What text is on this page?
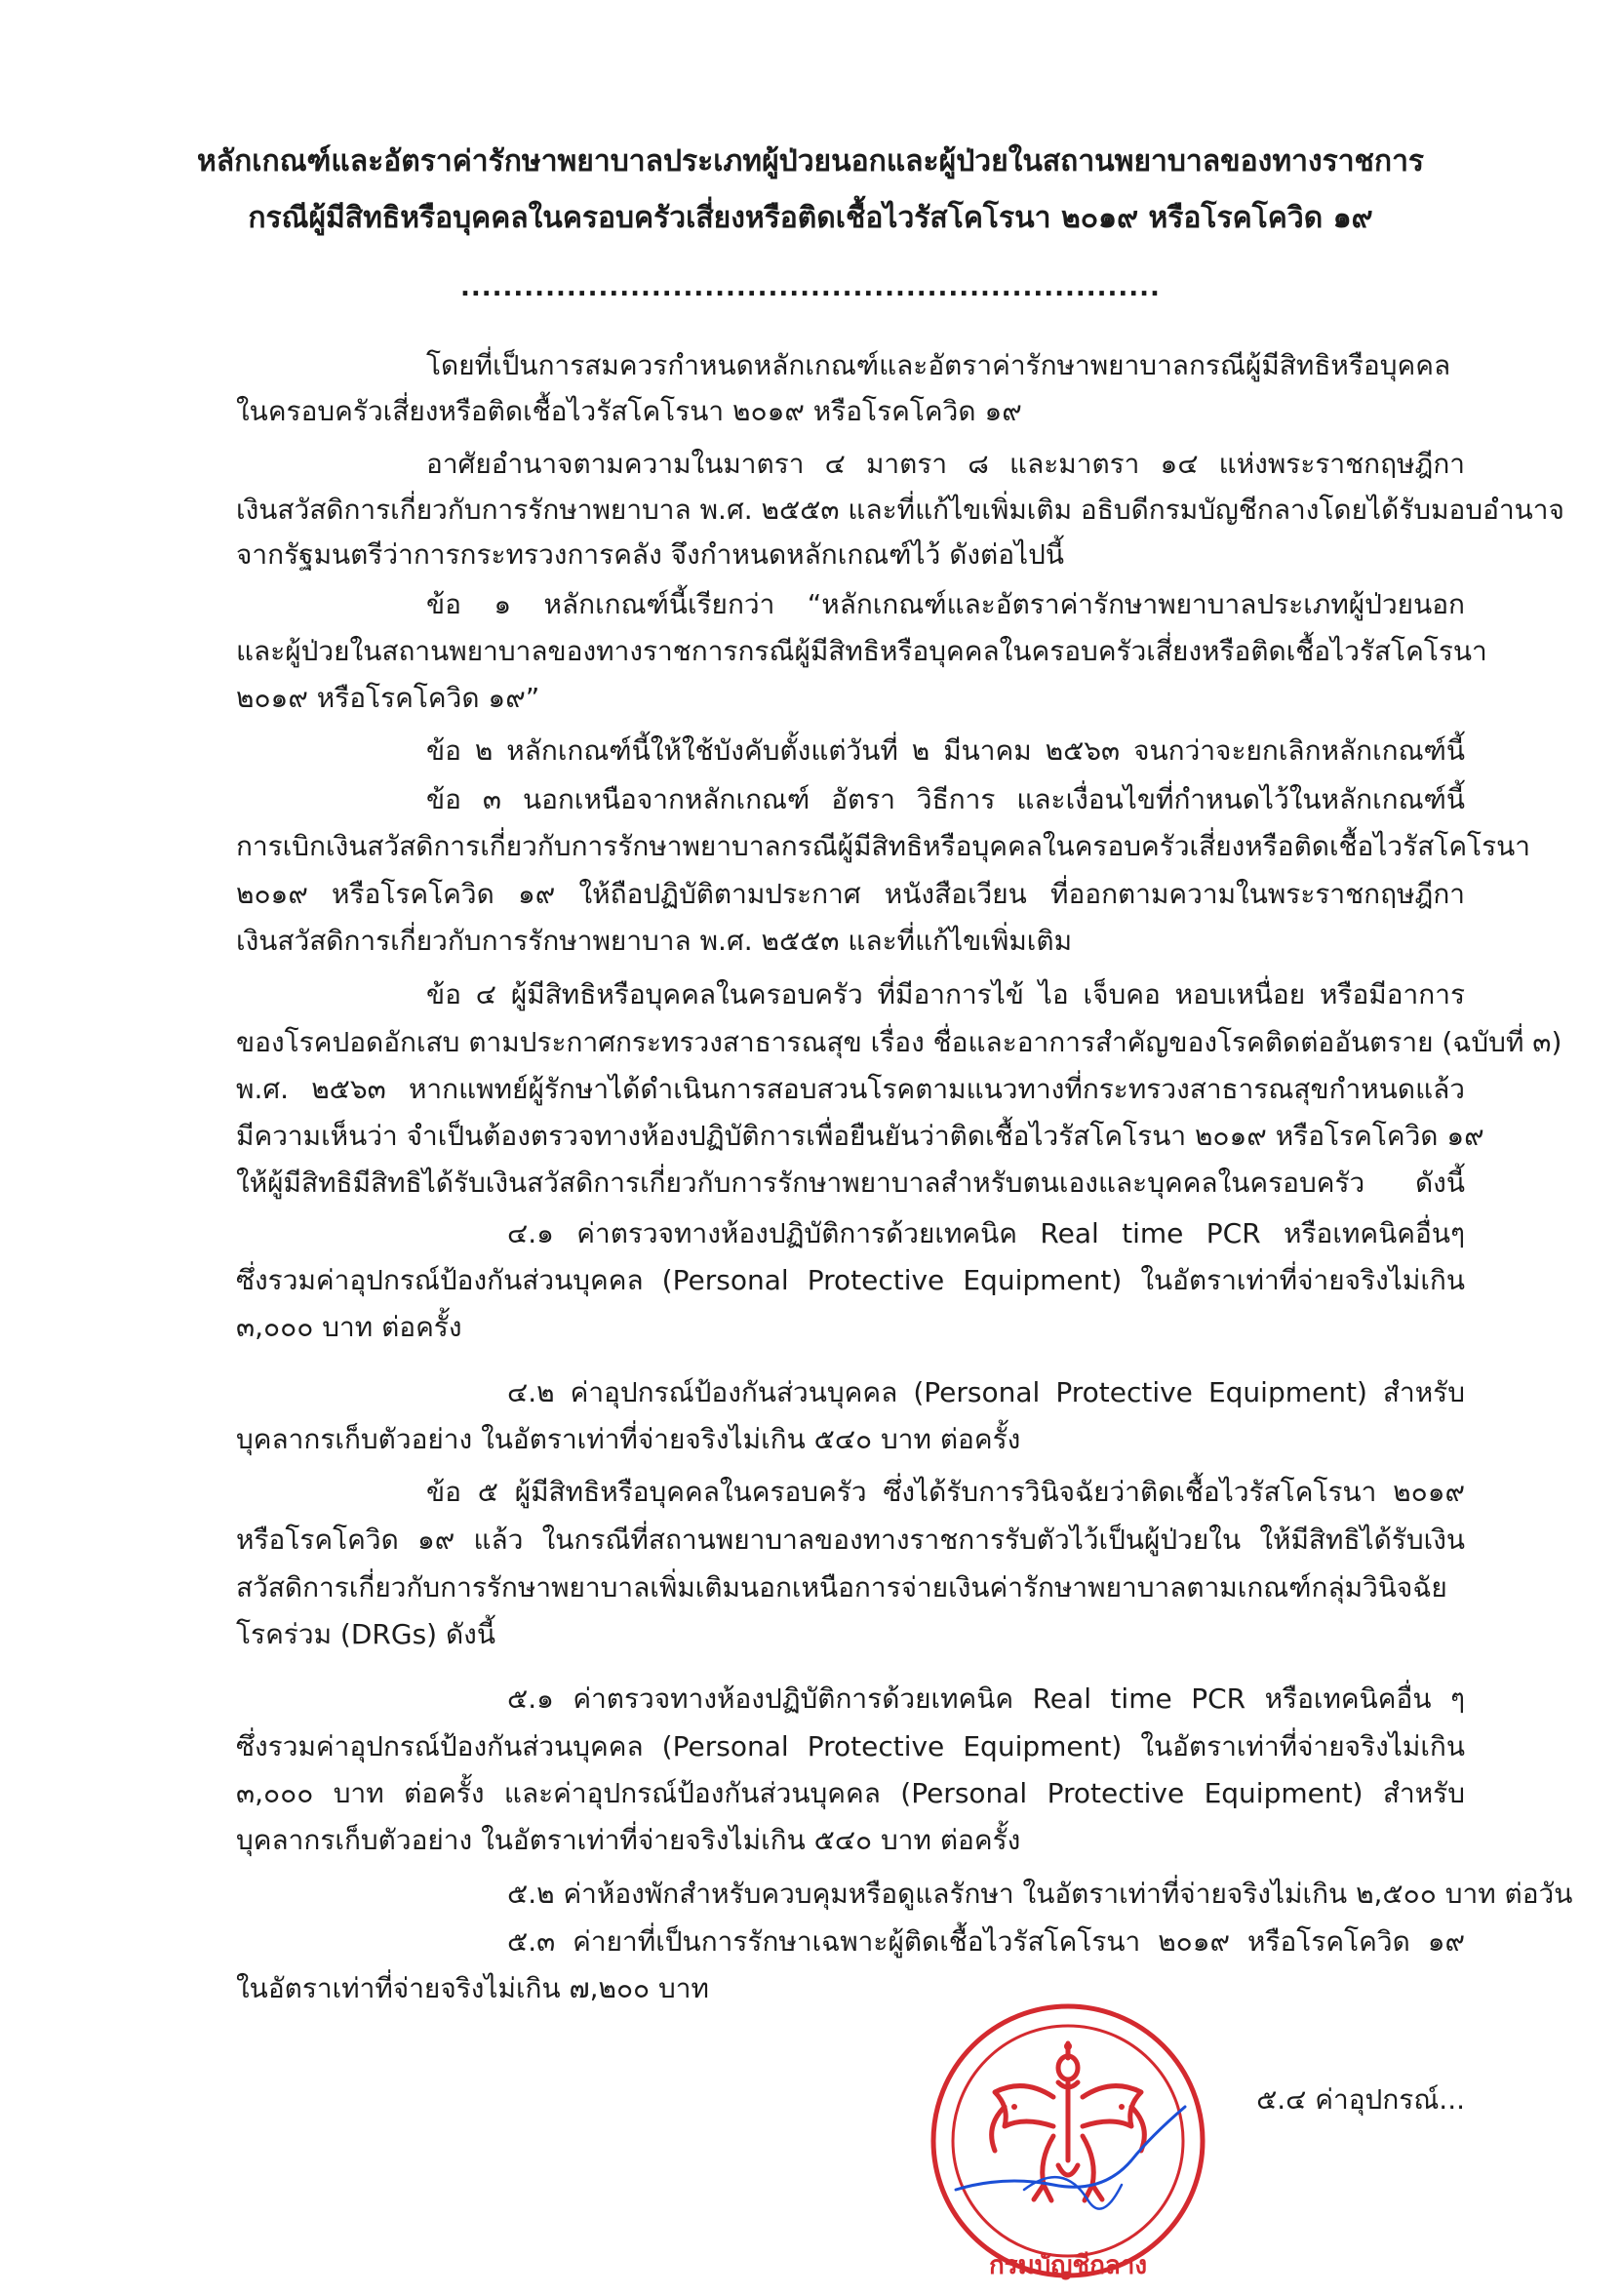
หลักเกณฑ์และอัตราค่ารักษาพยาบาลประเภทผู้ป่วยนอกและผู้ป่วยในสถานพยาบาลของทางราชการ
กรณีผู้มีสิทธิหรือบุคคลในครอบครัวเสี่ยงหรือติดเชื้อไวรัสโคโรนา ๒๐๑๙ หรือโรคโควิด ๑๙
..................................................................
โดยที่เป็นการสมควรกำหนดหลักเกณฑ์และอัตราค่ารักษาพยาบาลกรณีผู้มีสิทธิหรือบุคคล
ในครอบครัวเสี่ยงหรือติดเชื้อไวรัสโคโรนา ๒๐๑๙ หรือโรคโควิด ๑๙
อาศัยอำนาจตามความในมาตรา ๔ มาตรา ๘ และมาตรา ๑๔ แห่งพระราชกฤษฎีกา
เงินสวัสดิการเกี่ยวกับการรักษาพยาบาล พ.ศ. ๒๕๕๓ และที่แก้ไขเพิ่มเติม อธิบดีกรมบัญชีกลางโดยได้รับมอบอำนาจ
จากรัฐมนตรีว่าการกระทรวงการคลัง จึงกำหนดหลักเกณฑ์ไว้ ดังต่อไปนี้
ข้อ ๑ หลักเกณฑ์นี้เรียกว่า “หลักเกณฑ์และอัตราค่ารักษาพยาบาลประเภทผู้ป่วยนอก
และผู้ป่วยในสถานพยาบาลของทางราชการกรณีผู้มีสิทธิหรือบุคคลในครอบครัวเสี่ยงหรือติดเชื้อไวรัสโคโรนา
๒๐๑๙ หรือโรคโควิด ๑๙”
ข้อ ๒ หลักเกณฑ์นี้ให้ใช้บังคับตั้งแต่วันที่ ๒ มีนาคม ๒๕๖๓ จนกว่าจะยกเลิกหลักเกณฑ์นี้
ข้อ ๓ นอกเหนือจากหลักเกณฑ์ อัตรา วิธีการ และเงื่อนไขที่กำหนดไว้ในหลักเกณฑ์นี้
การเบิกเงินสวัสดิการเกี่ยวกับการรักษาพยาบาลกรณีผู้มีสิทธิหรือบุคคลในครอบครัวเสี่ยงหรือติดเชื้อไวรัสโคโรนา
๒๐๑๙ หรือโรคโควิด ๑๙ ให้ถือปฏิบัติตามประกาศ หนังสือเวียน ที่ออกตามความในพระราชกฤษฎีกา
เงินสวัสดิการเกี่ยวกับการรักษาพยาบาล พ.ศ. ๒๕๕๓ และที่แก้ไขเพิ่มเติม
ข้อ ๔ ผู้มีสิทธิหรือบุคคลในครอบครัว ที่มีอาการไข้ ไอ เจ็บคอ หอบเหนื่อย หรือมีอาการ
ของโรคปอดอักเสบ ตามประกาศกระทรวงสาธารณสุข เรื่อง ชื่อและอาการสำคัญของโรคติดต่ออันตราย (ฉบับที่ ๓)
พ.ศ. ๒๕๖๓ หากแพทย์ผู้รักษาได้ดำเนินการสอบสวนโรคตามแนวทางที่กระทรวงสาธารณสุขกำหนดแล้ว
มีความเห็นว่า จำเป็นต้องตรวจทางห้องปฏิบัติการเพื่อยืนยันว่าติดเชื้อไวรัสโคโรนา ๒๐๑๙ หรือโรคโควิด ๑๙
ให้ผู้มีสิทธิมีสิทธิได้รับเงินสวัสดิการเกี่ยวกับการรักษาพยาบาลสำหรับตนเองและบุคคลในครอบครัว ดังนี้
๔.๑ ค่าตรวจทางห้องปฏิบัติการด้วยเทคนิค Real time PCR หรือเทคนิคอื่นๆ
ซึ่งรวมค่าอุปกรณ์ป้องกันส่วนบุคคล (Personal Protective Equipment) ในอัตราเท่าที่จ่ายจริงไม่เกิน
๓,๐๐๐ บาท ต่อครั้ง
๔.๒ ค่าอุปกรณ์ป้องกันส่วนบุคคล (Personal Protective Equipment) สำหรับ
บุคลากรเก็บตัวอย่าง ในอัตราเท่าที่จ่ายจริงไม่เกิน ๕๔๐ บาท ต่อครั้ง
ข้อ ๕ ผู้มีสิทธิหรือบุคคลในครอบครัว ซึ่งได้รับการวินิจฉัยว่าติดเชื้อไวรัสโคโรนา ๒๐๑๙
หรือโรคโควิด ๑๙ แล้ว ในกรณีที่สถานพยาบาลของทางราชการรับตัวไว้เป็นผู้ป่วยใน ให้มีสิทธิได้รับเงิน
สวัสดิการเกี่ยวกับการรักษาพยาบาลเพิ่มเติมนอกเหนือการจ่ายเงินค่ารักษาพยาบาลตามเกณฑ์กลุ่มวินิจฉัย
โรคร่วม (DRGs) ดังนี้
๕.๑ ค่าตรวจทางห้องปฏิบัติการด้วยเทคนิค Real time PCR หรือเทคนิคอื่น ๆ
ซึ่งรวมค่าอุปกรณ์ป้องกันส่วนบุคคล (Personal Protective Equipment) ในอัตราเท่าที่จ่ายจริงไม่เกิน
๓,๐๐๐ บาท ต่อครั้ง และค่าอุปกรณ์ป้องกันส่วนบุคคล (Personal Protective Equipment) สำหรับ
บุคลากรเก็บตัวอย่าง ในอัตราเท่าที่จ่ายจริงไม่เกิน ๕๔๐ บาท ต่อครั้ง
๕.๒ ค่าห้องพักสำหรับควบคุมหรือดูแลรักษา ในอัตราเท่าที่จ่ายจริงไม่เกิน ๒,๕๐๐ บาท ต่อวัน
๕.๓ ค่ายาที่เป็นการรักษาเฉพาะผู้ติดเชื้อไวรัสโคโรนา ๒๐๑๙ หรือโรคโควิด ๑๙
ในอัตราเท่าที่จ่ายจริงไม่เกิน ๗,๒๐๐ บาท
๕.๔ ค่าอุปกรณ์...
กรมบัญชีกลาง
